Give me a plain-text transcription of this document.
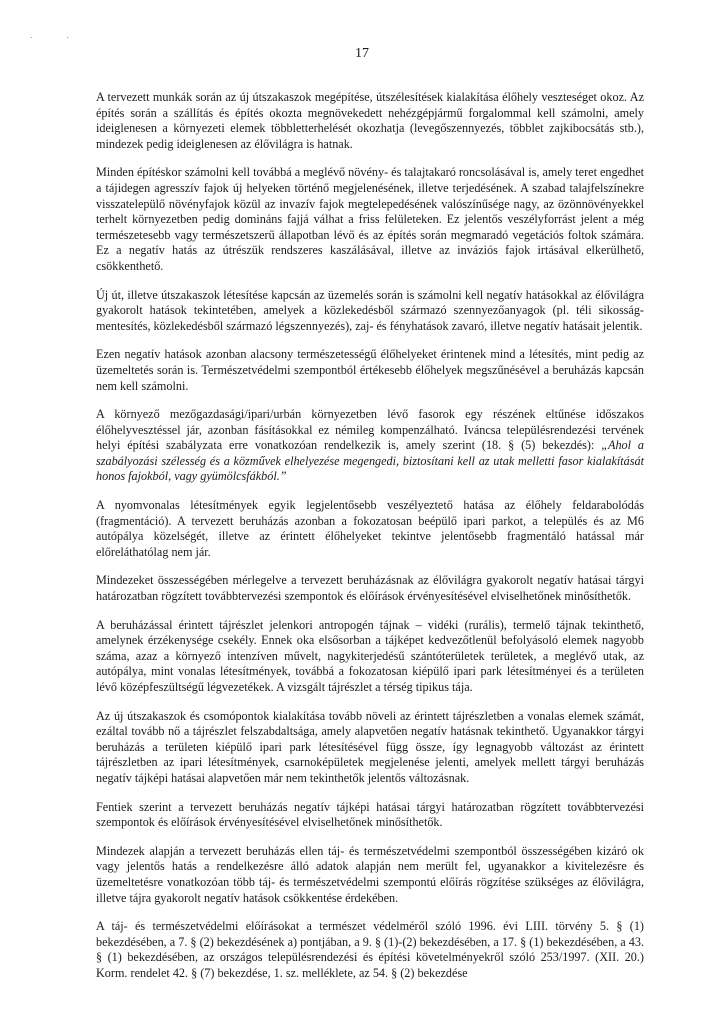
. .
17

A tervezett munkák során az új útszakaszok megépítése, útszélesítések kialakítása élőhely veszteséget okoz. Az építés során a szállítás és építés okozta megnövekedett nehézgépjármű forgalommal kell számolni, amely ideiglenesen a környezeti elemek többletterhelését okozhatja (levegőszennyezés, többlet zajkibocsátás stb.), mindezek pedig ideiglenesen az élővilágra is hatnak.

Minden építéskor számolni kell továbbá a meglévő növény- és talajtakaró roncsolásával is, amely teret engedhet a tájidegen agresszív fajok új helyeken történő megjelenésének, illetve terjedésének. A szabad talajfelszínekre visszatelepülő növényfajok közül az invazív fajok megtelepedésének valószínűsége nagy, az özönnövényekkel terhelt környezetben pedig domináns fajjá válhat a friss felületeken. Ez jelentős veszélyforrást jelent a még természetesebb vagy természetszerű állapotban lévő és az építés során megmaradó vegetációs foltok számára. Ez a negatív hatás az útrészük rendszeres kaszálásával, illetve az inváziós fajok irtásával elkerülhető, csökkenthető.

Új út, illetve útszakaszok létesítése kapcsán az üzemelés során is számolni kell negatív hatásokkal az élővilágra gyakorolt hatások tekintetében, amelyek a közlekedésből származó szennyezőanyagok (pl. téli sikosság-mentesítés, közlekedésből származó légszennyezés), zaj- és fényhatások zavaró, illetve negatív hatásait jelentik.

Ezen negatív hatások azonban alacsony természetességű élőhelyeket érintenek mind a létesítés, mint pedig az üzemeltetés során is. Természetvédelmi szempontból értékesebb élőhelyek megszűnésével a beruházás kapcsán nem kell számolni.

A környező mezőgazdasági/ipari/urbán környezetben lévő fasorok egy részének eltűnése időszakos élőhelyvesztéssel jár, azonban fásításokkal ez némileg kompenzálható. Iváncsa településrendezési tervének helyi építési szabályzata erre vonatkozóan rendelkezik is, amely szerint (18. § (5) bekezdés): „Ahol a szabályozási szélesség és a közművek elhelyezése megengedi, biztosítani kell az utak melletti fasor kialakítását honos fajokból, vagy gyümölcsfákból.”

A nyomvonalas létesítmények egyik legjelentősebb veszélyeztető hatása az élőhely feldarabolódás (fragmentáció). A tervezett beruházás azonban a fokozatosan beépülő ipari parkot, a település és az M6 autópálya közelségét, illetve az érintett élőhelyeket tekintve jelentősebb fragmentáló hatással már előreláthatólag nem jár.

Mindezeket összességében mérlegelve a tervezett beruházásnak az élővilágra gyakorolt negatív hatásai tárgyi határozatban rögzített továbbtervezési szempontok és előírások érvényesítésével elviselhetőnek minősíthetők.

A beruházással érintett tájrészlet jelenkori antropogén tájnak – vidéki (rurális), termelő tájnak tekinthető, amelynek érzékenysége csekély. Ennek oka elsősorban a tájképet kedvezőtlenül befolyásoló elemek nagyobb száma, azaz a környező intenzíven művelt, nagykiterjedésű szántóterületek területek, a meglévő utak, az autópálya, mint vonalas létesítmények, továbbá a fokozatosan kiépülő ipari park létesítményei és a területen lévő középfeszültségű légvezetékek. A vizsgált tájrészlet a térség tipikus tája.

Az új útszakaszok és csomópontok kialakítása tovább növeli az érintett tájrészletben a vonalas elemek számát, ezáltal tovább nő a tájrészlet felszabdaltsága, amely alapvetően negatív hatásnak tekinthető. Ugyanakkor tárgyi beruházás a területen kiépülő ipari park létesítésével függ össze, így legnagyobb változást az érintett tájrészletben az ipari létesítmények, csarnoképületek megjelenése jelenti, amelyek mellett tárgyi beruházás negatív tájképi hatásai alapvetően már nem tekinthetők jelentős változásnak.

Fentiek szerint a tervezett beruházás negatív tájképi hatásai tárgyi határozatban rögzített továbbtervezési szempontok és előírások érvényesítésével elviselhetőnek minősíthetők.

Mindezek alapján a tervezett beruházás ellen táj- és természetvédelmi szempontból összességében kizáró ok vagy jelentős hatás a rendelkezésre álló adatok alapján nem merült fel, ugyanakkor a kivitelezésre és üzemeltetésre vonatkozóan több táj- és természetvédelmi szempontú előírás rögzítése szükséges az élővilágra, illetve tájra gyakorolt negatív hatások csökkentése érdekében.

A táj- és természetvédelmi előírásokat a természet védelméről szóló 1996. évi LIII. törvény 5. § (1) bekezdésében, a 7. § (2) bekezdésének a) pontjában, a 9. § (1)-(2) bekezdésében, a 17. § (1) bekezdésében, a 43. § (1) bekezdésében, az országos településrendezési és építési követelményekről szóló 253/1997. (XII. 20.) Korm. rendelet 42. § (7) bekezdése, 1. sz. melléklete, az 54. § (2) bekezdése
